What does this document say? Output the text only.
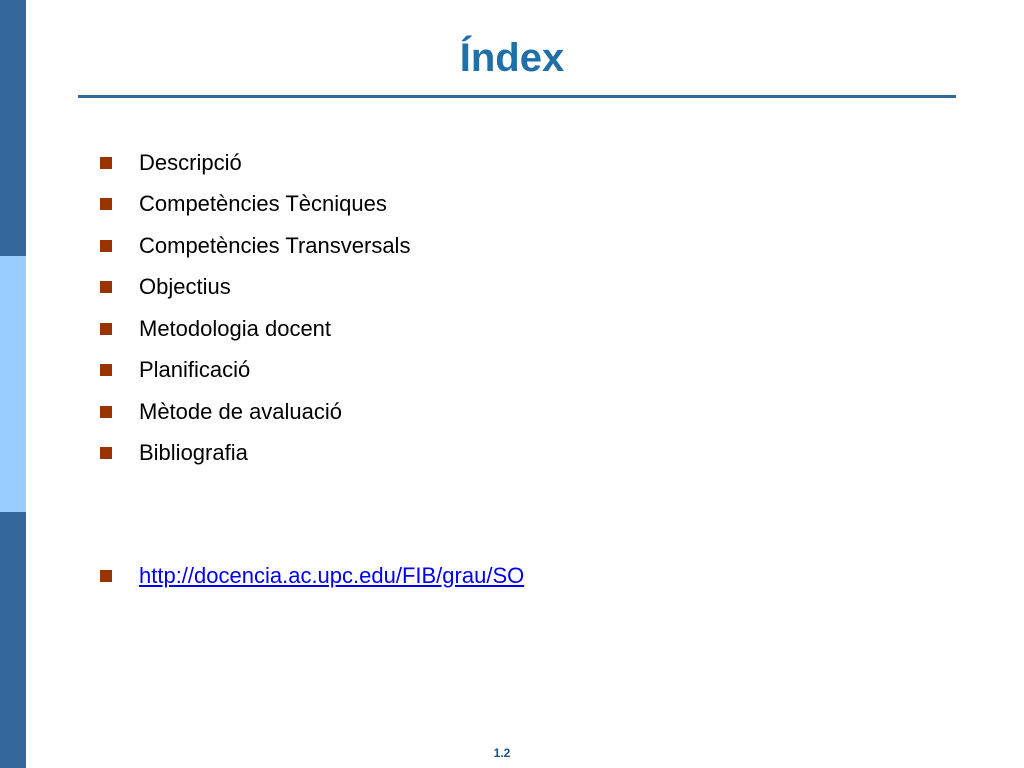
Índex
Descripció
Competències Tècniques
Competències Transversals
Objectius
Metodologia docent
Planificació
Mètode de avaluació
Bibliografia
http://docencia.ac.upc.edu/FIB/grau/SO
1.2
